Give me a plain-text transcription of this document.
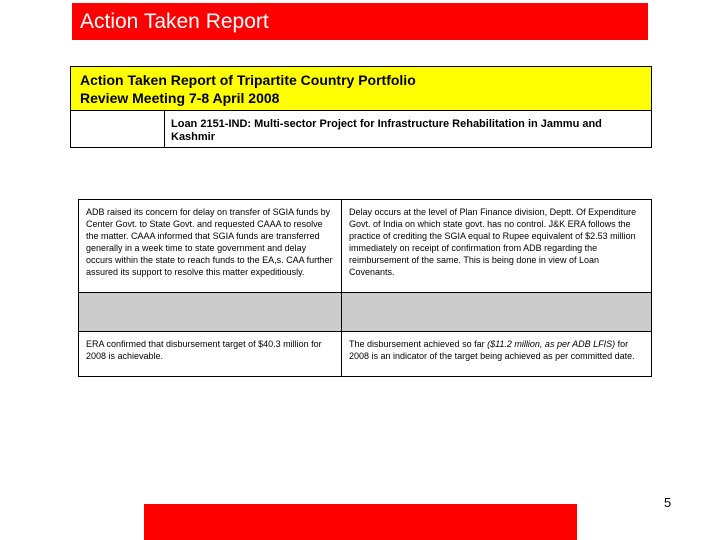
Action Taken Report
Action Taken Report of Tripartite Country Portfolio
Review Meeting 7-8 April 2008
Loan 2151-IND: Multi-sector Project for Infrastructure Rehabilitation in Jammu and Kashmir
ADB raised its concern for delay on transfer of SGIA funds by Center Govt. to State Govt. and requested CAAA to resolve the matter. CAAA informed that SGIA funds are transferred generally in a week time to state government and delay occurs within the state to reach funds to the EA,s. CAA further assured its support to resolve this matter expeditiously.
Delay occurs at the level of Plan Finance division, Deptt. Of Expenditure Govt. of India on which state govt. has no control. J&K ERA follows the practice of crediting the SGIA equal to Rupee equivalent of $2.53 million immediately on receipt of confirmation from ADB regarding the reimbursement of the same. This is being done in view of Loan Covenants.
ERA confirmed that disbursement target of $40.3 million for 2008 is achievable.
The disbursement achieved so far ($11.2 million, as per ADB LFIS) for 2008 is an indicator of the target being achieved as per committed date.
5
